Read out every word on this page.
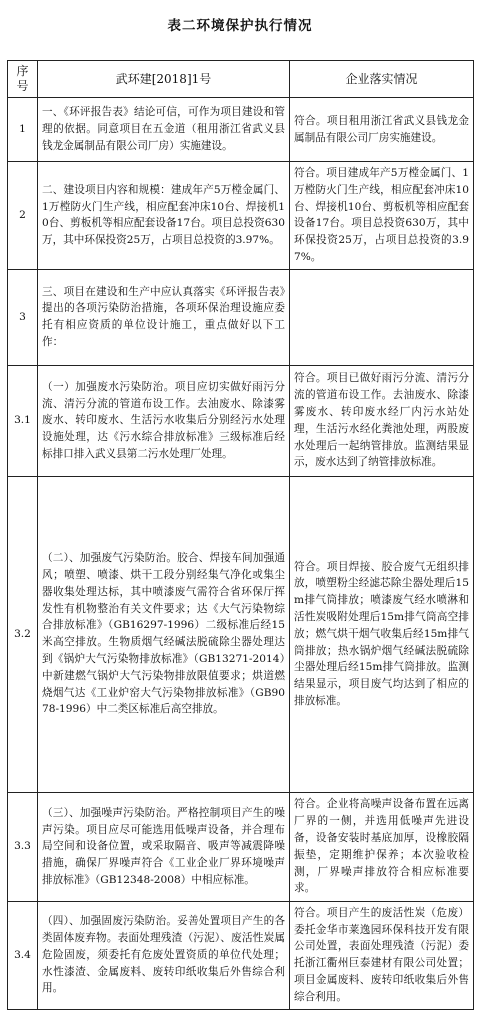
表二环境保护执行情况
序号	武环建[2018]1号	企业落实情况
1	一、《环评报告表》结论可信，可作为项目建设和管理的依据。同意项目在五金道（租用浙江省武义县钱龙金属制品有限公司厂房）实施建设。	符合。项目租用浙江省武义县钱龙金属制品有限公司厂房实施建设。
2	二、建设项目内容和规模：建成年产5万樘金属门、1万樘防火门生产线，相应配套冲床10台、焊接机10台、剪板机等相应配套设备17台。项目总投资630万，其中环保投资25万，占项目总投资的3.97%。	符合。项目建成年产5万樘金属门、1万樘防火门生产线，相应配套冲床10台、焊接机10台、剪板机等相应配套设备17台。项目总投资630万，其中环保投资25万，占项目总投资的3.97%。
3	三、项目在建设和生产中应认真落实《环评报告表》提出的各项污染防治措施，各项环保治理设施应委托有相应资质的单位设计施工，重点做好以下工作：	
3.1	（一）加强废水污染防治。项目应切实做好雨污分流、清污分流的管道布设工作。去油废水、除漆雾废水、转印废水、生活污水收集后分别经污水处理设施处理，达《污水综合排放标准》三级标准后经标排口排入武义县第二污水处理厂处理。	符合。项目已做好雨污分流、清污分流的管道布设工作。去油废水、除漆雾废水、转印废水经厂内污水站处理，生活污水经化粪池处理，两股废水处理后一起纳管排放。监测结果显示，废水达到了纳管排放标准。
3.2	（二）、加强废气污染防治。胶合、焊接车间加强通风；喷塑、喷漆、烘干工段分别经集气净化或集尘器收集处理达标，其中喷漆废气需符合省环保厅挥发性有机物整治有关文件要求；达《大气污染物综合排放标准》（GB16297-1996）二级标准后经15米高空排放。生物质烟气经碱法脱硫除尘器处理达到《锅炉大气污染物排放标准》（GB13271-2014）中新建燃气锅炉大气污染物排放限值要求；烘道燃烧烟气达《工业炉窑大气污染物排放标准》（GB9078-1996）中二类区标准后高空排放。	符合。项目焊接、胶合废气无组织排放，喷塑粉尘经滤芯除尘器处理后15m排气筒排放；喷漆废气经水喷淋和活性炭吸附处理后15m排气筒高空排放；燃气烘干烟气收集后经15m排气筒排放；热水锅炉烟气经碱法脱硫除尘器处理后经15m排气筒排放。监测结果显示，项目废气均达到了相应的排放标准。
3.3	（三）、加强噪声污染防治。严格控制项目产生的噪声污染。项目应尽可能选用低噪声设备，并合理布局空间和设备位置，或采取隔音、吸声等减震降噪措施，确保厂界噪声符合《工业企业厂界环境噪声排放标准》（GB12348-2008）中相应标准。	符合。企业将高噪声设备布置在远离厂界的一侧，并选用低噪声先进设备，设备安装时基底加厚，设橡胶隔振垫，定期维护保养；本次验收检测，厂界噪声排放符合相应标准要求。
3.4	（四）、加强固废污染防治。妥善处置项目产生的各类固体废弃物。表面处理残渣（污泥）、废活性炭属危险固废，须委托有危废处置资质的单位代处理；水性漆渣、金属废料、废转印纸收集后外售综合利用。	符合。项目产生的废活性炭（危废）委托金华市莱逸园环保科技开发有限公司处置，表面处理残渣（污泥）委托浙江衢州巨泰建材有限公司处置；项目金属废料、废转印纸收集后外售综合利用。
